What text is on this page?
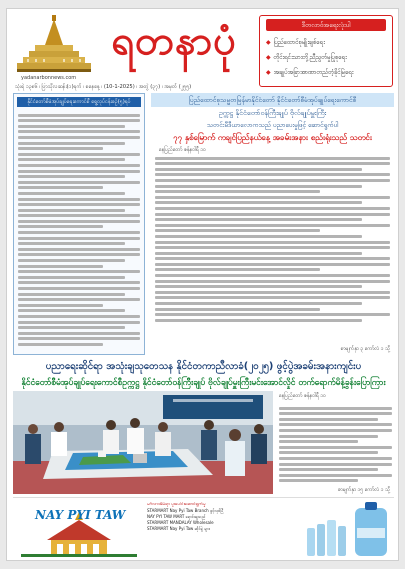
yadanarbonnews.com
ရတနာပုံ
သုံးရဲ ၁၃၈၆ ၊ ပြာသိုလဆန်း(၁)ရက် ၊ စနေနေ့ ၊ (10-1-2025) ၊ အတွဲ (၃၇) ၊ အမှတ် (၂၅၅)
ဒီတလာဝ်အရေးလုံးပါ
◆ ပြည်ထောင်စုမျိုးချစ်ရေး
◆ တိုင်းရင်းသားတို့ညီညွတ်မှုပြုစုရေး
◆ အချုပ်အခြာအာဏာတည်တံ့ခိုင်မြဲရေး
နိုင်ငံတော်စီမံအုပ်ချုပ်ရေးကောင်စီ ရွေ့လုပ်ငန်းစဉ်(၅)ရပ်	ပြည်ထောင်စုသမ္မတမြန်မာနိုင်ငံတော် နိုင်ငံတော်စီမံအုပ်ချုပ်ရေးကောင်စီ
ဥက္ကဋ္ဌ နိုင်ငံတော်ဝန်ကြီးချုပ် ဗိုလ်ချုပ်မှူးကြီး
သတင်းမီဒီယာလောကသည် ပညာပေးမှုဖြင့် ဆောင်ရွက်ပါ
၇၇ နှစ်မြောက် ကချင်ပြည်နယ်နေ့ အခမ်းအနား စည်းရုံးသည် သတင်း
နေပြည်တော် ဇန်နဝါရီ ၁၀
စာမျက်နှာ ၃ ကော်လံ ၁ သို့
ပညာရေးဆိုင်ရာ အသုံးချသုတေသန နိုင်ငံတကာညီလာခံ(၂၀၂၅) ဖွင့်ပွဲအခမ်းအနားကျင်းပ
နိုင်ငံတော်စီမံအုပ်ချုပ်ရေးကောင်စီဥက္ကဋ္ဌ နိုင်ငံတော်ဝန်ကြီးချုပ် ဗိုလ်ချုပ်မှူးကြီးမင်းအောင်လှိုင် တက်ရောက်မိန့်ခွန်းပြောကြား
နေပြည်တော် ဇန်နဝါရီ ၁၀
စာမျက်နှာ ၁၅ ကော်လံ ၁ သို့
NAY PYI TAW
မင်္ဂလာအိမ်ရာ ပူးပေါင်းဆောင်ရွက်မှု
STARMART Nay Pyi Taw Branch ဖွင့်လှစ်ပြီ
NAY PYI TAW MART ရောင်းချသည်
STARMART MANDALAY Wholesale
STARMART Nay Pyi Taw ဆိုင်ခွဲ များ
